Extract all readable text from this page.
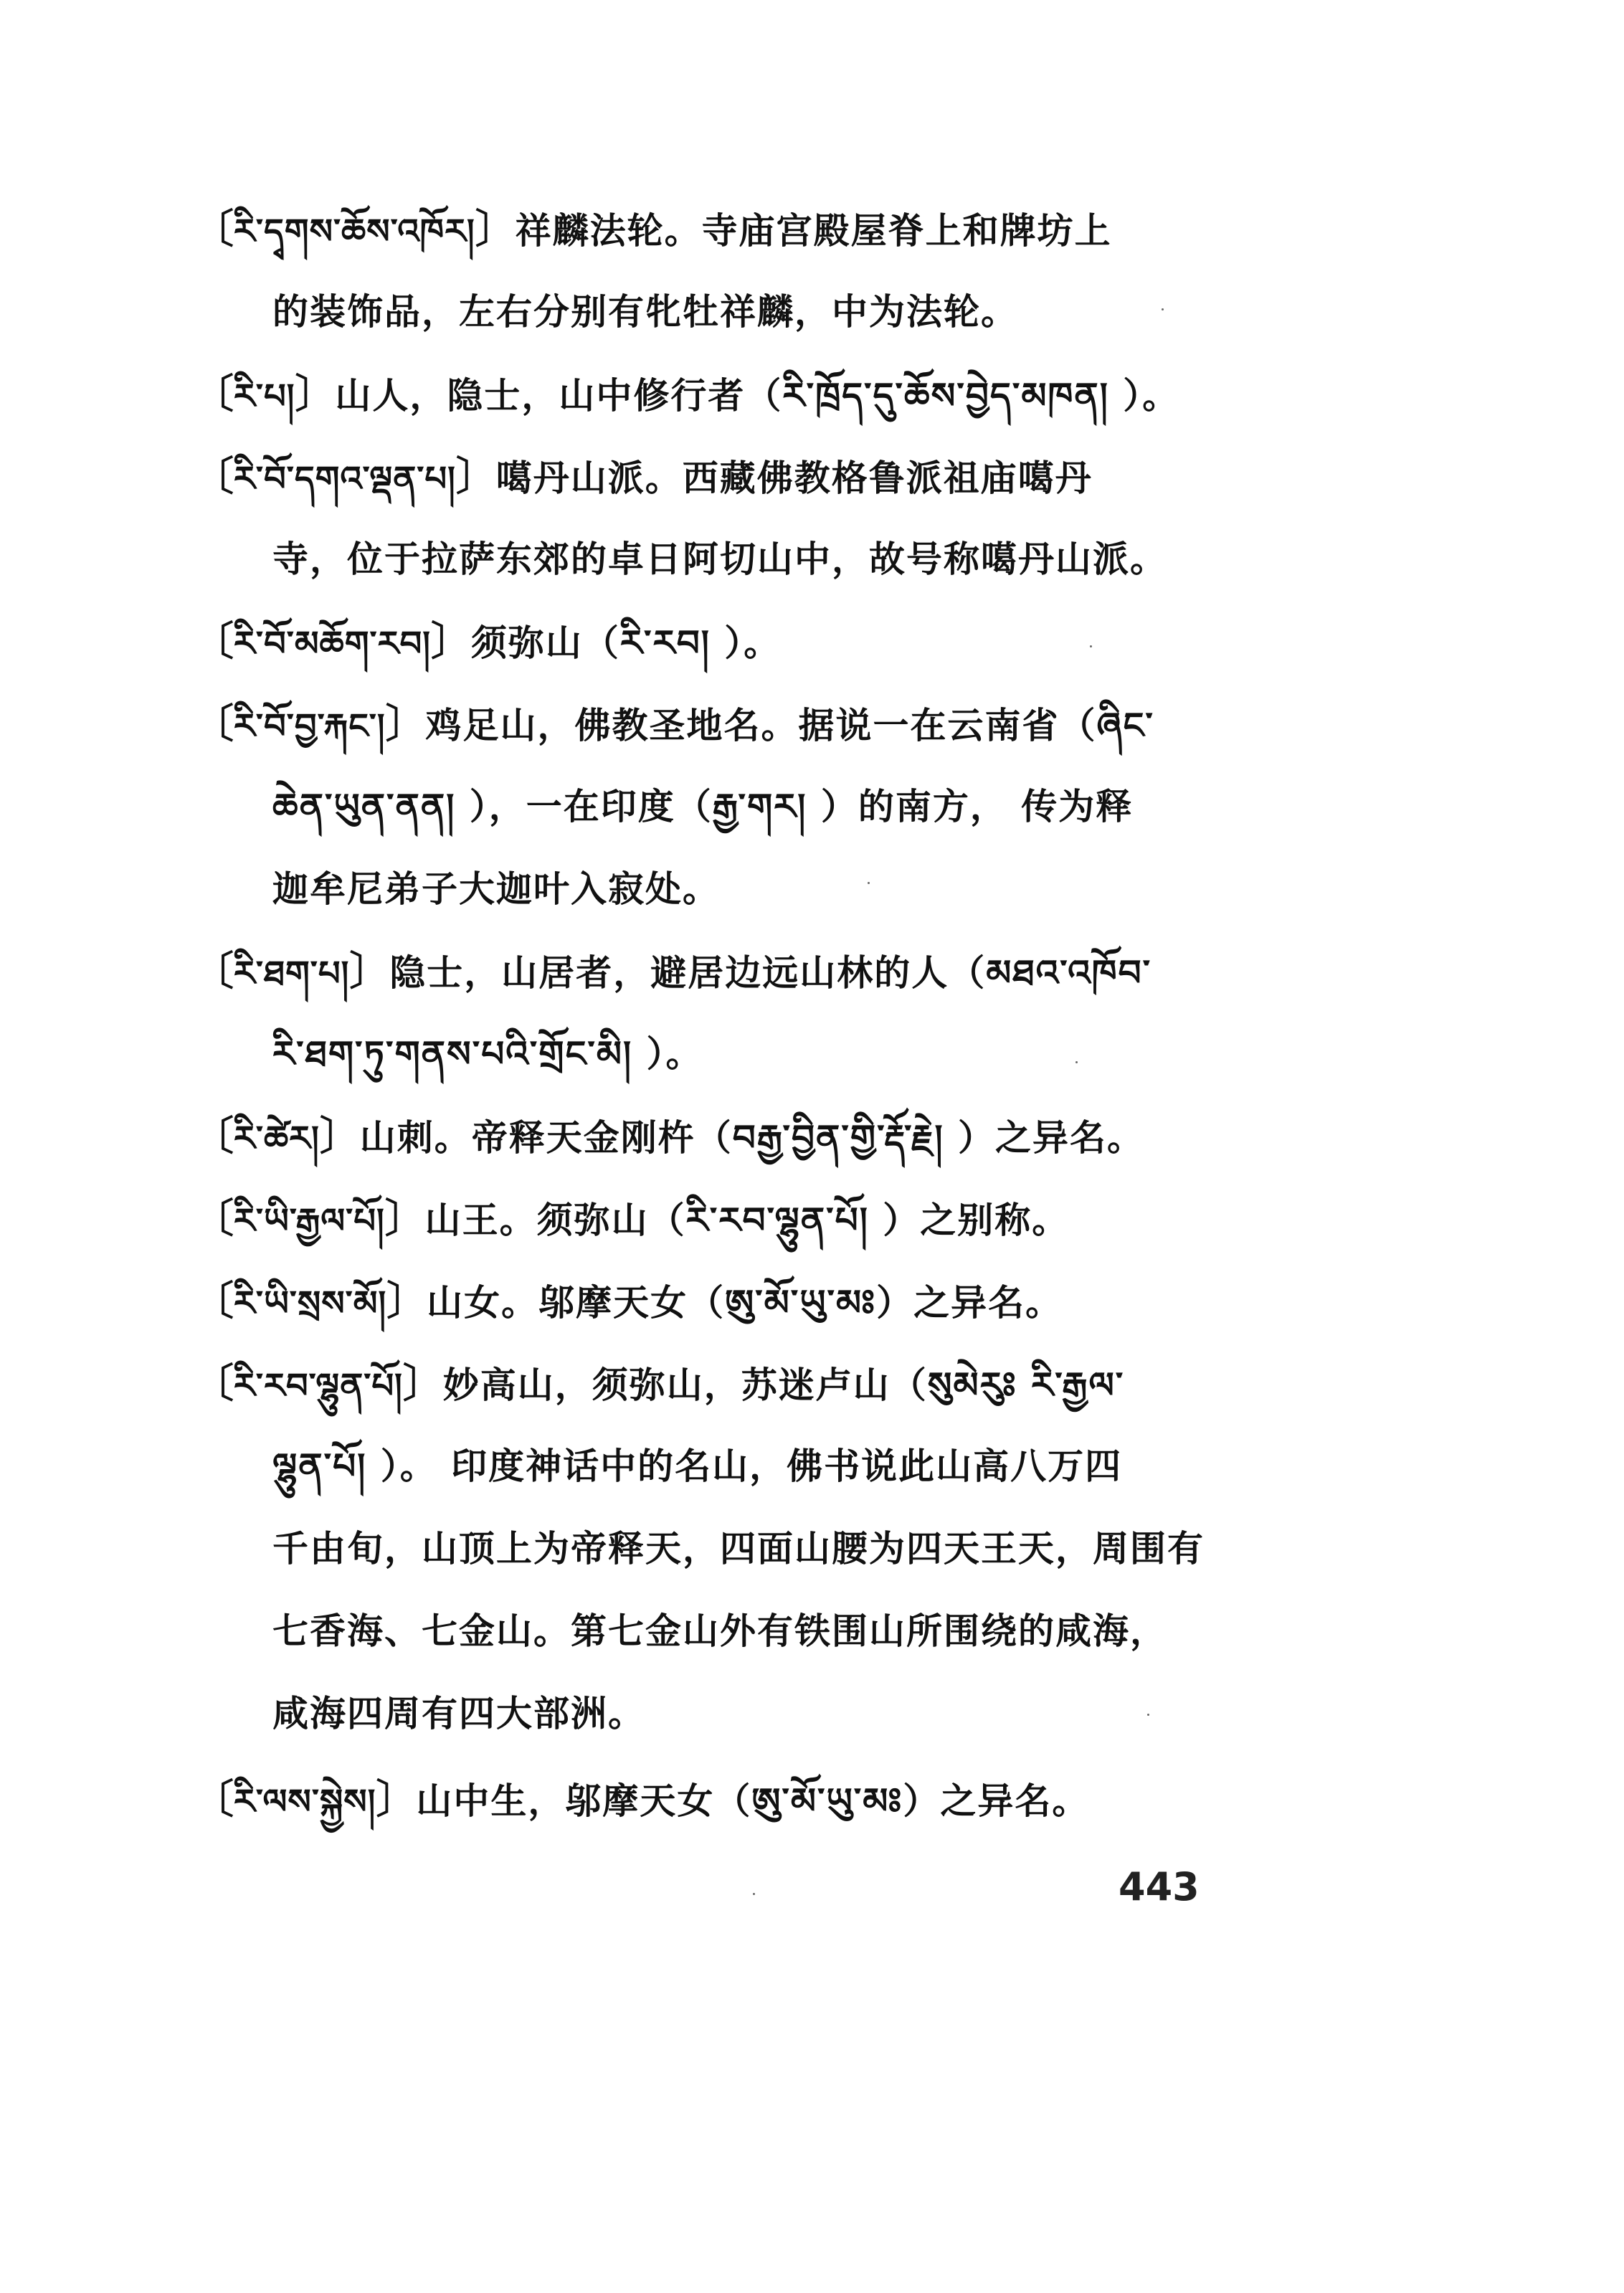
〔རི་དྭགས་ཆོས་འཁོར།〕祥麟法轮。寺庙宫殿屋脊上和牌坊上
的装饰品，左右分别有牝牡祥麟，中为法轮。
〔རི་པ།〕山人，隐士，山中修行者（རི་ཁྲོད་དུ་ཆོས་བྱེད་མཁན། ）。
〔རི་བོ་དགའ་ལྡན་པ།〕噶丹山派。西藏佛教格鲁派祖庙噶丹
寺，位于拉萨东郊的卓日阿切山中，故号称噶丹山派。
〔རི་བོ་མཆོག་རབ།〕须弥山（རི་རབ། ）。
〔རི་བོ་བྱ་རྐང་།〕鸡足山，佛教圣地名。据说一在云南省（ཞིང་
ཆེན་ཡུན་ནན། ），一在印度（རྒྱ་གར། ）的南方， 传为释
迦牟尼弟子大迦叶入寂处。
〔རི་ཐག་པ།〕隐士，山居者，避居边远山林的人（མཐའ་འཁོབ་
རི་ཐག་ཏུ་གནས་པའི་གྲོང་མི། ）。
〔རི་ཚེར།〕山刺。帝释天金刚杵（བརྒྱ་བྱིན་གྱི་རྡོ་རྗེ། ）之异名。
〔རི་ཡི་རྒྱལ་པོ།〕山王。须弥山（རི་རབ་ལྷུན་པོ། ）之别称。
〔རི་ཡི་སྲས་མོ།〕山女。邬摩天女（ཨུ་མོ་ཡུ་མཿ）之异名。
〔རི་རབ་ལྷུན་པོ།〕妙高山，须弥山，苏迷卢山（སུམེརུཿ རི་རྒྱལ་
ལྷུན་པོ། ）。 印度神话中的名山，佛书说此山高八万四
千由旬，山顶上为帝释天，四面山腰为四天王天，周围有
七香海、七金山。第七金山外有铁围山所围绕的咸海，
咸海四周有四大部洲。
〔རི་ལས་སྐྱེས།〕山中生，邬摩天女（ཨུ་མོ་ཡུ་མཿ）之异名。
443
